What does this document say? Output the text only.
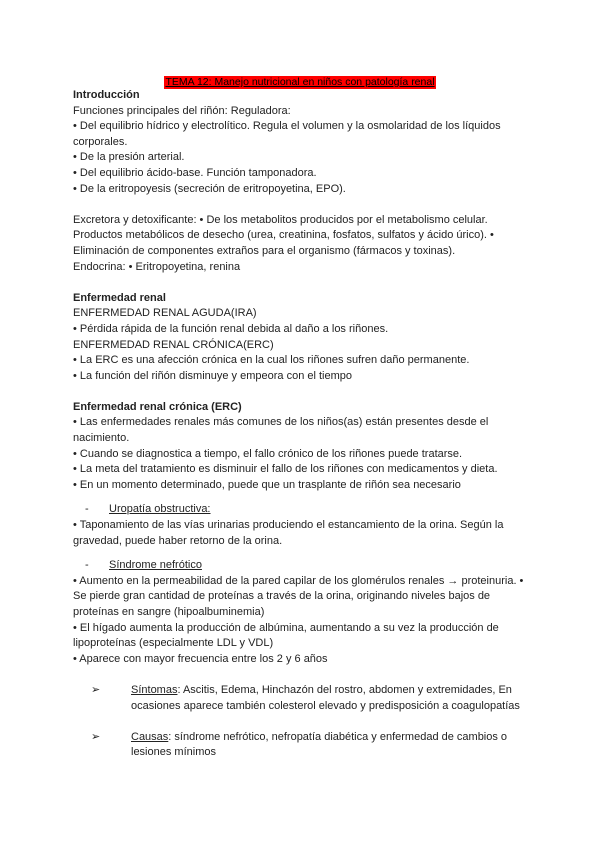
TEMA 12: Manejo nutricional en niños con patología renal

Introducción

Funciones principales del riñón: Reguladora:

• Del equilibrio hídrico y electrolítico. Regula el volumen y la osmolaridad de los líquidos

corporales.

• De la presión arterial.

• Del equilibrio ácido-base. Función tamponadora.

• De la eritropoyesis (secreción de eritropoyetina, EPO).

Excretora y detoxificante: • De los metabolitos producidos por el metabolismo celular.

Productos metabólicos de desecho (urea, creatinina, fosfatos, sulfatos y ácido úrico). •

Eliminación de componentes extraños para el organismo (fármacos y toxinas).

Endocrina: • Eritropoyetina, renina

Enfermedad renal

ENFERMEDAD RENAL AGUDA(IRA)

• Pérdida rápida de la función renal debida al daño a los riñones.

ENFERMEDAD RENAL CRÓNICA(ERC)

• La ERC es una afección crónica en la cual los riñones sufren daño permanente.

• La función del riñón disminuye y empeora con el tiempo

Enfermedad renal crónica (ERC)

• Las enfermedades renales más comunes de los niños(as) están presentes desde el

nacimiento.

• Cuando se diagnostica a tiempo, el fallo crónico de los riñones puede tratarse.

• La meta del tratamiento es disminuir el fallo de los riñones con medicamentos y dieta.

• En un momento determinado, puede que un trasplante de riñón sea necesario

- Uropatía obstructiva:

• Taponamiento de las vías urinarias produciendo el estancamiento de la orina. Según la

gravedad, puede haber retorno de la orina.

- Síndrome nefrótico

• Aumento en la permeabilidad de la pared capilar de los glomérulos renales → proteinuria. •

Se pierde gran cantidad de proteínas a través de la orina, originando niveles bajos de

proteínas en sangre (hipoalbuminemia)

• El hígado aumenta la producción de albúmina, aumentando a su vez la producción de

lipoproteínas (especialmente LDL y VDL)

• Aparece con mayor frecuencia entre los 2 y 6 años

➢	Síntomas: Ascitis, Edema, Hinchazón del rostro, abdomen y extremidades, En
ocasiones aparece también colesterol elevado y predisposición a coagulopatías
➢	Causas: síndrome nefrótico, nefropatía diabética y enfermedad de cambios o
lesiones mínimos
